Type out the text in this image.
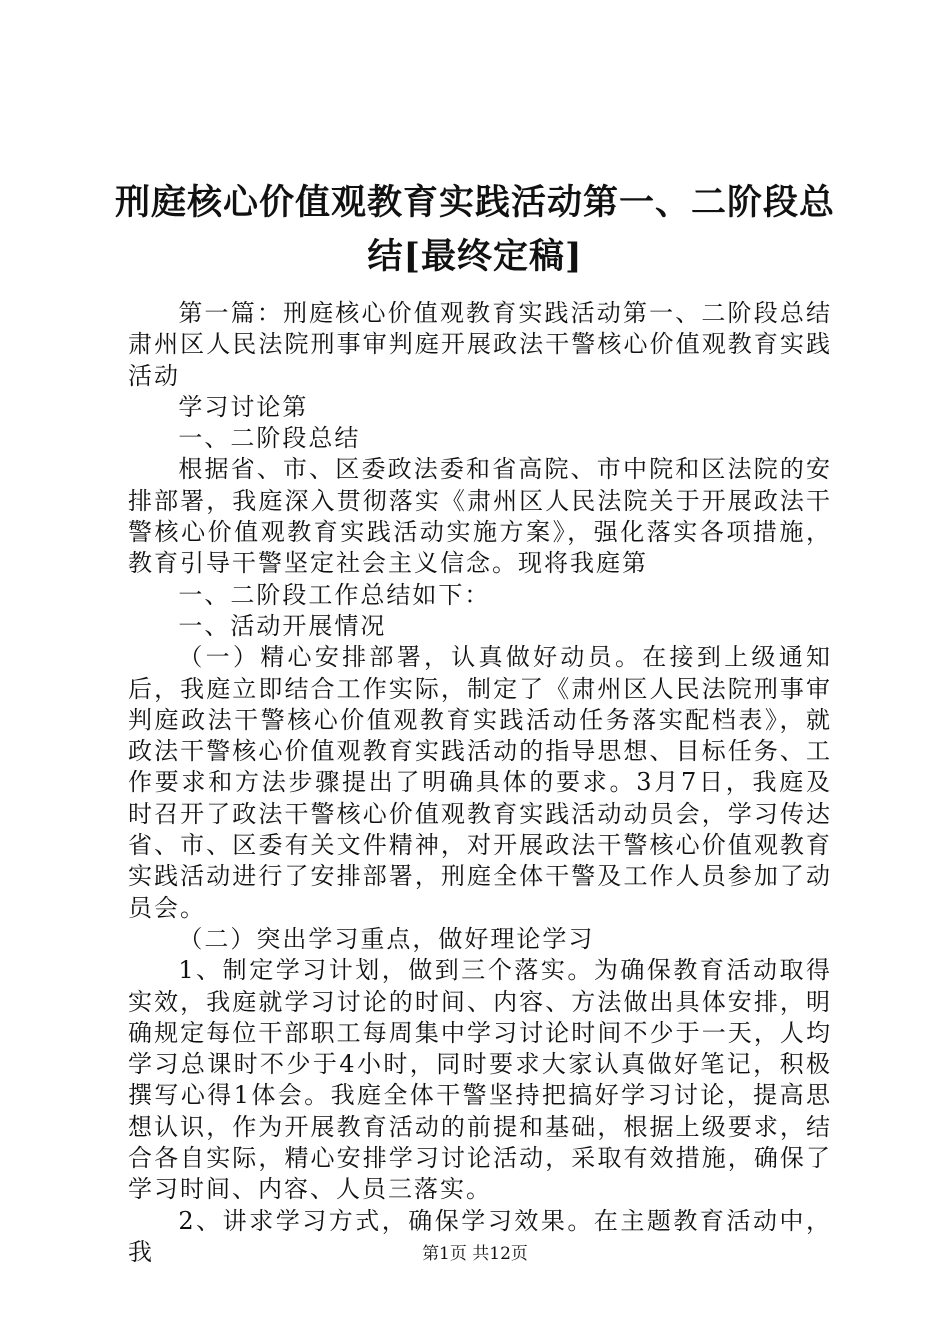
刑庭核心价值观教育实践活动第一、二阶段总结[最终定稿]

第一篇：刑庭核心价值观教育实践活动第一、二阶段总结肃州区人民法院刑事审判庭开展政法干警核心价值观教育实践活动

学习讨论第

一、二阶段总结

根据省、市、区委政法委和省高院、市中院和区法院的安排部署，我庭深入贯彻落实《肃州区人民法院关于开展政法干警核心价值观教育实践活动实施方案》，强化落实各项措施，教育引导干警坚定社会主义信念。现将我庭第

一、二阶段工作总结如下：

一、活动开展情况

（一）精心安排部署，认真做好动员。在接到上级通知后，我庭立即结合工作实际，制定了《肃州区人民法院刑事审判庭政法干警核心价值观教育实践活动任务落实配档表》，就政法干警核心价值观教育实践活动的指导思想、目标任务、工作要求和方法步骤提出了明确具体的要求。3月7日，我庭及时召开了政法干警核心价值观教育实践活动动员会，学习传达省、市、区委有关文件精神，对开展政法干警核心价值观教育实践活动进行了安排部署，刑庭全体干警及工作人员参加了动员会。

（二）突出学习重点，做好理论学习

1、制定学习计划，做到三个落实。为确保教育活动取得实效，我庭就学习讨论的时间、内容、方法做出具体安排，明确规定每位干部职工每周集中学习讨论时间不少于一天，人均学习总课时不少于4小时，同时要求大家认真做好笔记，积极撰写心得1体会。我庭全体干警坚持把搞好学习讨论，提高思想认识，作为开展教育活动的前提和基础，根据上级要求，结合各自实际，精心安排学习讨论活动，采取有效措施，确保了学习时间、内容、人员三落实。

2、讲求学习方式，确保学习效果。在主题教育活动中，我	第1页 共12页
